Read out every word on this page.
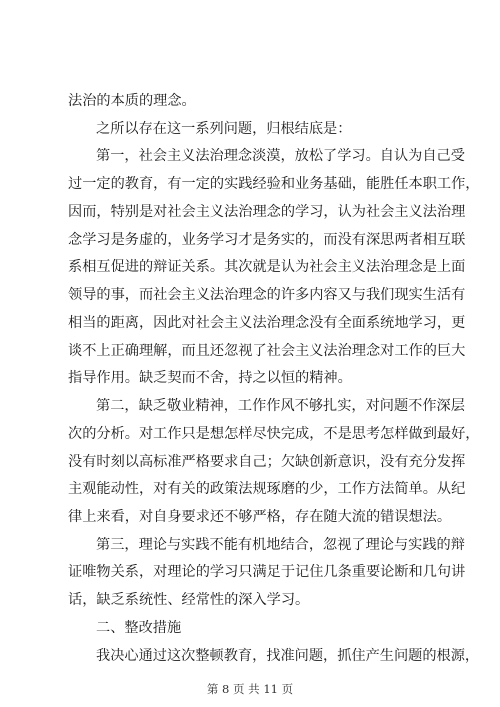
法治的本质的理念。
之所以存在这一系列问题，归根结底是：
第一，社会主义法治理念淡漠，放松了学习。自认为自己受
过一定的教育，有一定的实践经验和业务基础，能胜任本职工作，
因而，特别是对社会主义法治理念的学习，认为社会主义法治理
念学习是务虚的，业务学习才是务实的，而没有深思两者相互联
系相互促进的辩证关系。其次就是认为社会主义法治理念是上面
领导的事，而社会主义法治理念的许多内容又与我们现实生活有
相当的距离，因此对社会主义法治理念没有全面系统地学习，更
谈不上正确理解，而且还忽视了社会主义法治理念对工作的巨大
指导作用。缺乏契而不舍，持之以恒的精神。
第二，缺乏敬业精神，工作作风不够扎实，对问题不作深层
次的分析。对工作只是想怎样尽快完成，不是思考怎样做到最好，
没有时刻以高标准严格要求自己；欠缺创新意识，没有充分发挥
主观能动性，对有关的政策法规琢磨的少，工作方法简单。从纪
律上来看，对自身要求还不够严格，存在随大流的错误想法。
第三，理论与实践不能有机地结合，忽视了理论与实践的辩
证唯物关系，对理论的学习只满足于记住几条重要论断和几句讲
话，缺乏系统性、经常性的深入学习。
二、整改措施
我决心通过这次整顿教育，找准问题，抓住产生问题的根源，
第 8 页 共 11 页
